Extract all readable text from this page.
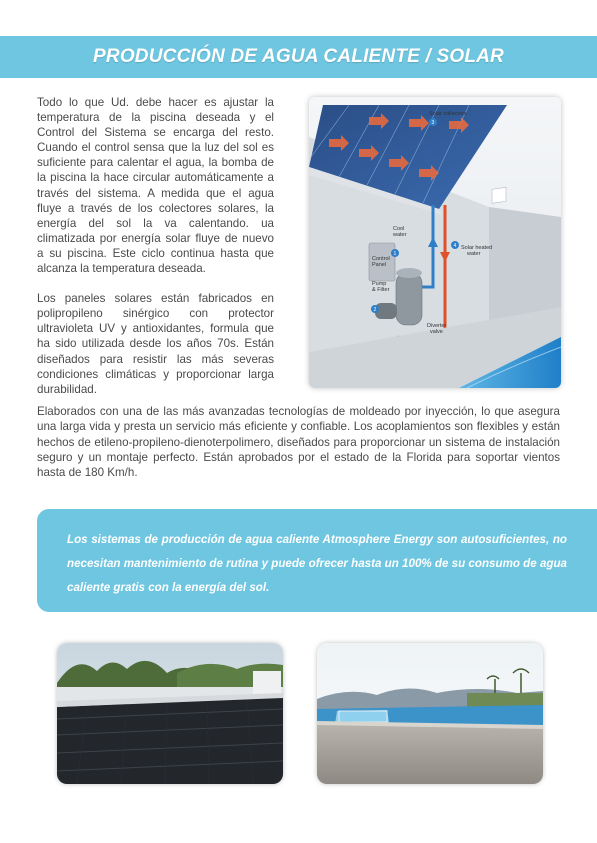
PRODUCCIÓN DE AGUA CALIENTE / SOLAR

Todo lo que Ud. debe hacer es ajustar la temperatura de la piscina deseada y el Control del Sistema se encarga del resto. Cuando el control sensa que la luz del sol es suficiente para calentar el agua, la bomba de la piscina la hace circular automáticamente a través del sistema. A medida que el agua fluye a través de los colectores solares, la energía del sol la va calentando. ua climatizada por energía solar fluye de nuevo a su piscina. Este ciclo continua hasta que alcanza la temperatura deseada.

Los paneles solares están fabricados en polipropileno sinérgico con protector ultravioleta UV y antioxidantes, formula que ha sido utilizada desde los años 70s. Están diseñados para resistir las más severas condiciones climáticas y proporcionar larga durabilidad.

3
4
1
2
Solar collectors
Cool
water
Solar heated
water
Control
Panel
Pump
& Filter
Diverter
valve

Elaborados con una de las más avanzadas tecnologías de moldeado por inyección, lo que asegura una larga vida y presta un servicio más eficiente y confiable. Los acoplamientos son flexibles y están hechos de etileno-propileno-dienoterpolimero, diseñados para proporcionar un sistema de instalación seguro y un montaje perfecto. Están aprobados por el estado de la Florida para soportar vientos hasta de 180 Km/h.

Los sistemas de producción de agua caliente Atmosphere Energy son autosuficientes, no necesitan mantenimiento de rutina y puede ofrecer hasta un 100% de su consumo de agua caliente gratis con la energía del sol.
